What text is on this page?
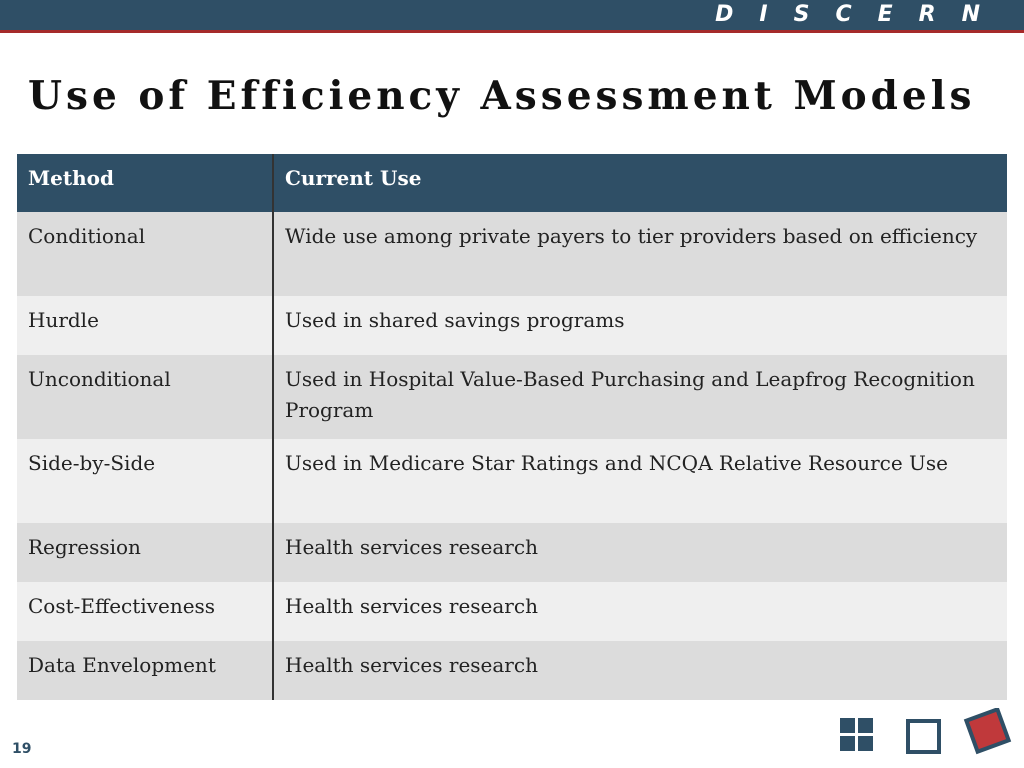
DISCERN
Use of Efficiency Assessment Models
Method	Current Use
Conditional	Wide use among private payers to tier providers based on efficiency
Hurdle	Used in shared savings programs
Unconditional	Used in Hospital Value-Based Purchasing and Leapfrog Recognition Program
Side-by-Side	Used in Medicare Star Ratings and NCQA Relative Resource Use
Regression	Health services research
Cost-Effectiveness	Health services research
Data Envelopment	Health services research
19
